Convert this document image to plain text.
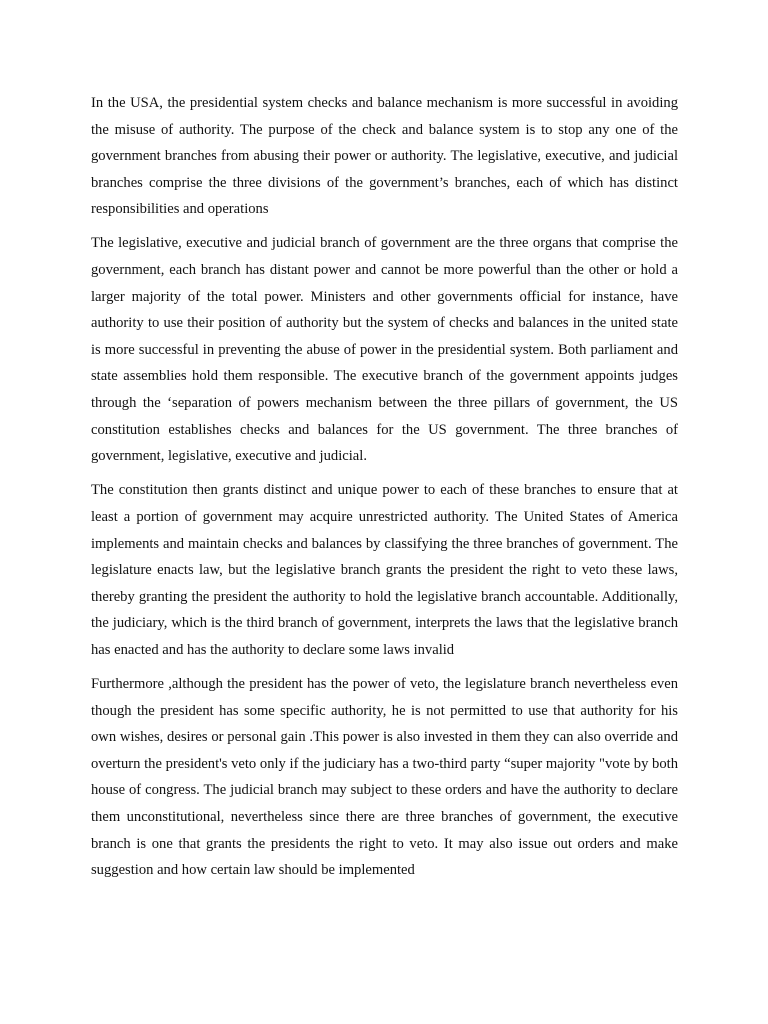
In the USA, the presidential system checks and balance mechanism is more successful in avoiding the misuse of authority. The purpose of the check and balance system is to stop any one of the government branches from abusing their power or authority. The legislative, executive, and judicial branches comprise the three divisions of the government’s branches, each of which has distinct responsibilities and operations

The legislative, executive and judicial branch of government are the three organs that comprise the government, each branch has distant power and cannot be more powerful than the other or hold a larger majority of the total power. Ministers and other governments official for instance, have authority to use their position of authority but the system of checks and balances in the united state is more successful in preventing the abuse of power in the presidential system. Both parliament and state assemblies hold them responsible. The executive branch of the government appoints judges through the ‘separation of powers mechanism between the three pillars of government, the US constitution establishes checks and balances for the US government. The three branches of government, legislative, executive and judicial.

The constitution then grants distinct and unique power to each of these branches to ensure that at least a portion of government may acquire unrestricted authority. The United States of America implements and maintain checks and balances by classifying the three branches of government. The legislature enacts law, but the legislative branch grants the president the right to veto these laws, thereby granting the president the authority to hold the legislative branch accountable. Additionally, the judiciary, which is the third branch of government, interprets the laws that the legislative branch has enacted and has the authority to declare some laws invalid

Furthermore ,although the president has the power of veto, the legislature branch nevertheless even though the president has some specific authority, he is not permitted to use that authority for his own wishes, desires or personal gain .This power is also invested in them they can also override and overturn the president's veto only if the judiciary has a two-third party “super majority "vote by both house of congress. The judicial branch may subject to these orders and have the authority to declare them unconstitutional, nevertheless since there are three branches of government, the executive branch is one that grants the presidents the right to veto. It may also issue out orders and make suggestion and how certain law should be implemented
